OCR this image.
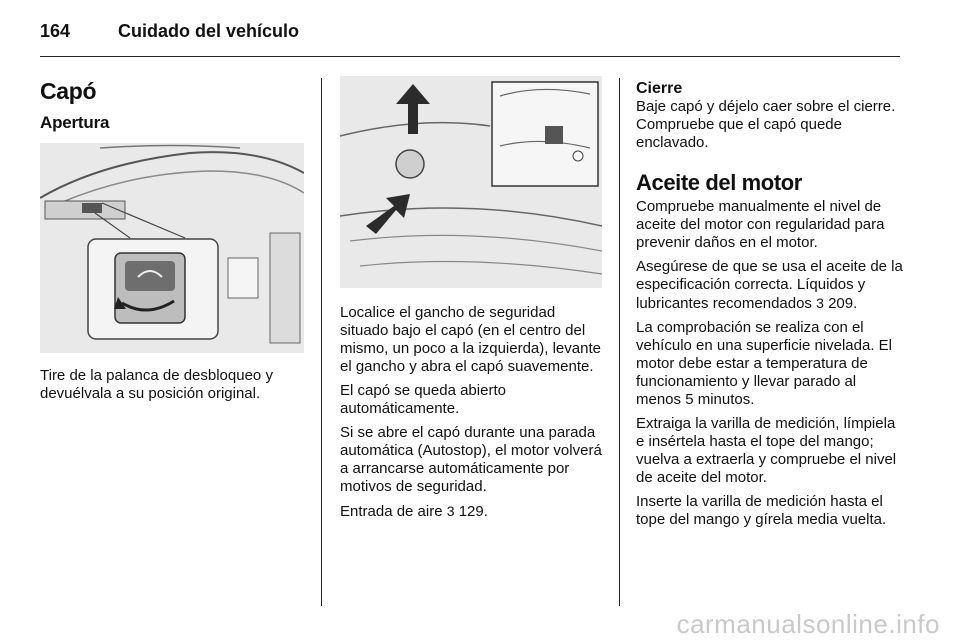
164	Cuidado del vehículo
Capó
Apertura

Tire de la palanca de desbloqueo y devuélvala a su posición original.

Localice el gancho de seguridad situado bajo el capó (en el centro del mismo, un poco a la izquierda), levante el gancho y abra el capó suavemente.

El capó se queda abierto automáticamente.

Si se abre el capó durante una parada automática (Autostop), el motor volverá a arrancarse automáticamente por motivos de seguridad.

Entrada de aire 3 129.

Cierre

Baje capó y déjelo caer sobre el cierre. Compruebe que el capó quede enclavado.

Aceite del motor

Compruebe manualmente el nivel de aceite del motor con regularidad para prevenir daños en el motor.

Asegúrese de que se usa el aceite de la especificación correcta. Líquidos y lubricantes recomendados 3 209.

La comprobación se realiza con el vehículo en una superficie nivelada. El motor debe estar a temperatura de funcionamiento y llevar parado al menos 5 minutos.

Extraiga la varilla de medición, límpiela e insértela hasta el tope del mango; vuelva a extraerla y compruebe el nivel de aceite del motor.

Inserte la varilla de medición hasta el tope del mango y gírela media vuelta.

carmanualsonline.info
